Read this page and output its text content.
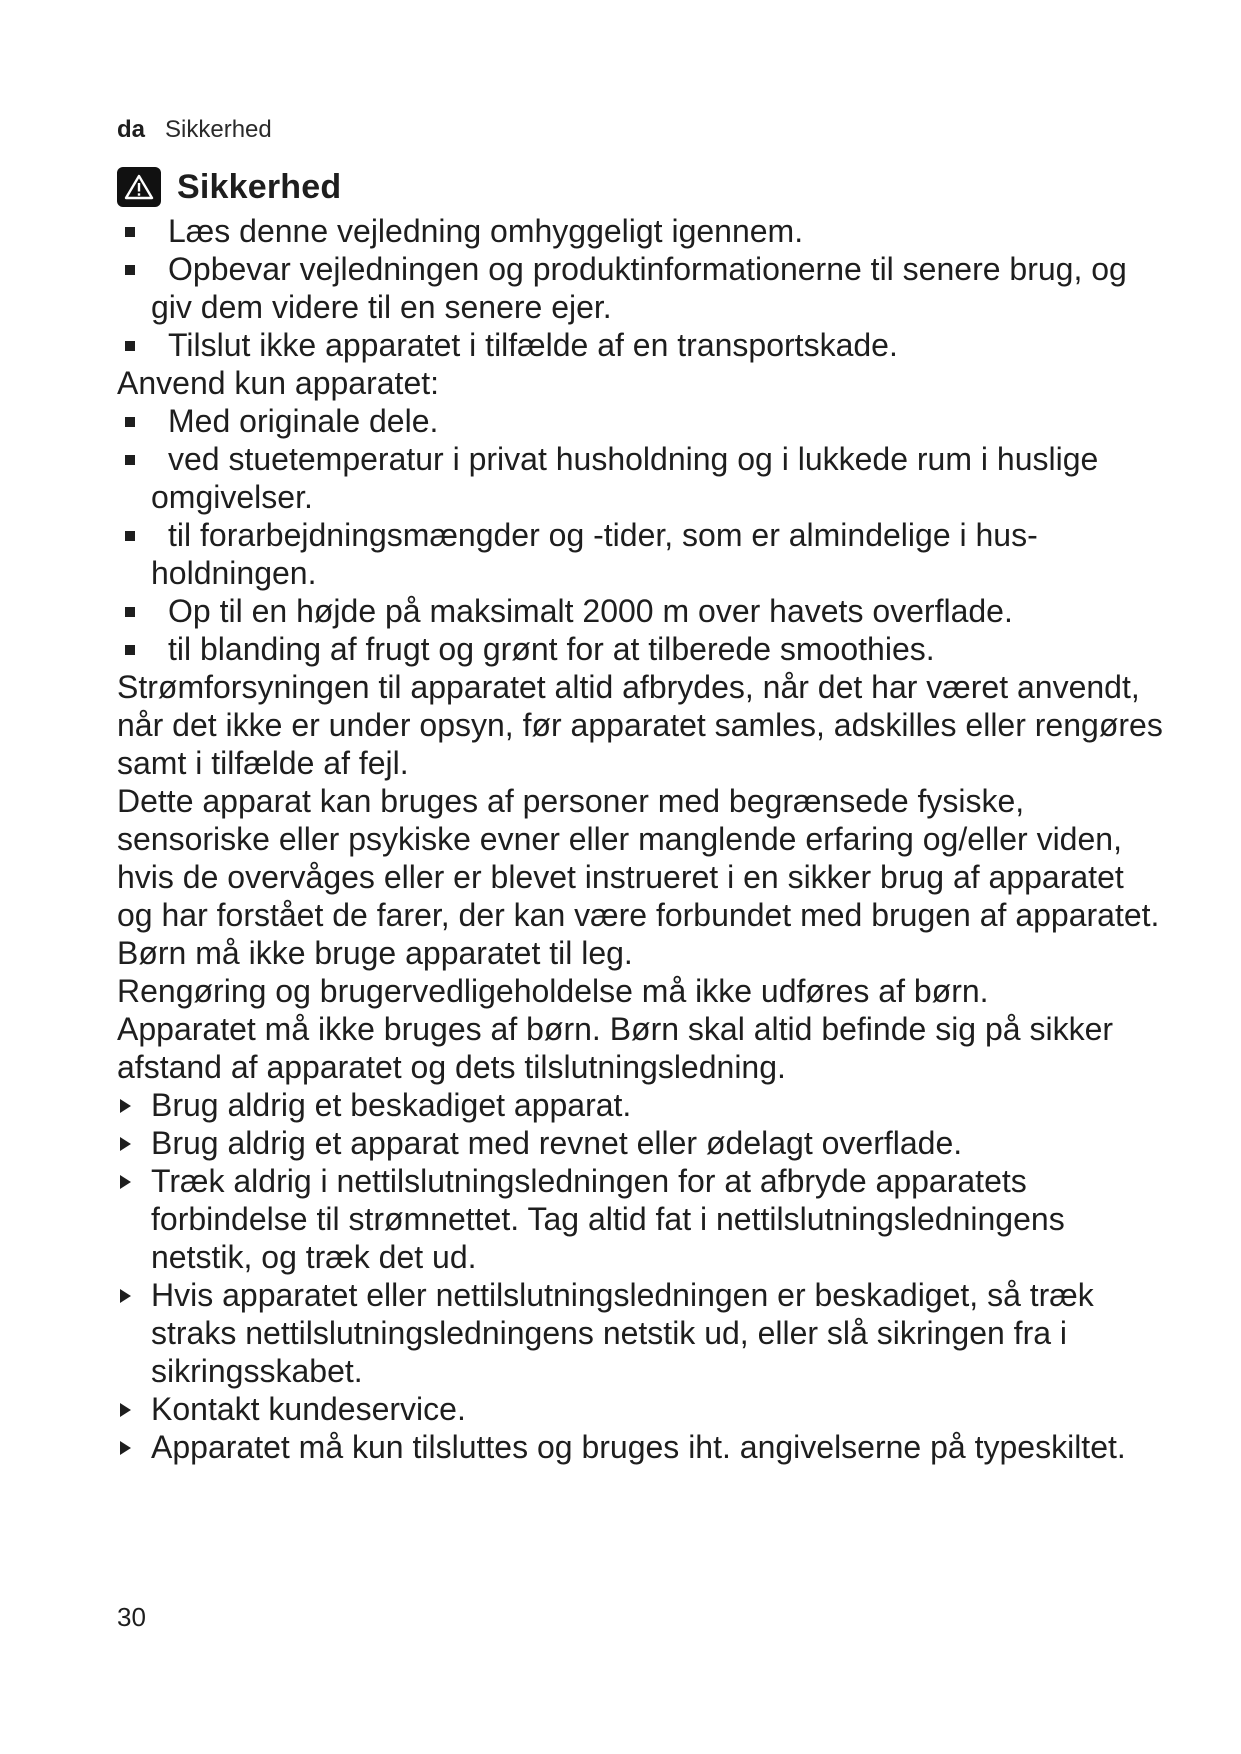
da Sikkerhed
Sikkerhed
Læs denne vejledning omhyggeligt igennem.
Opbevar vejledningen og produktinformationerne til senere brug, og giv dem videre til en senere ejer.
Tilslut ikke apparatet i tilfælde af en transportskade.

Anvend kun apparatet:

Med originale dele.
ved stuetemperatur i privat husholdning og i lukkede rum i huslige omgivelser.
til forarbejdningsmængder og -tider, som er almindelige i husholdningen.
Op til en højde på maksimalt 2000 m over havets overflade.
til blanding af frugt og grønt for at tilberede smoothies.

Strømforsyningen til apparatet altid afbrydes, når det har været anvendt, når det ikke er under opsyn, før apparatet samles, adskilles eller rengøres samt i tilfælde af fejl.

Dette apparat kan bruges af personer med begrænsede fysiske, sensoriske eller psykiske evner eller manglende erfaring og/eller viden, hvis de overvåges eller er blevet instrueret i en sikker brug af apparatet og har forstået de farer, der kan være forbundet med brugen af apparatet.

Børn må ikke bruge apparatet til leg.

Rengøring og brugervedligeholdelse må ikke udføres af børn.

Apparatet må ikke bruges af børn. Børn skal altid befinde sig på sikker afstand af apparatet og dets tilslutningsledning.

Brug aldrig et beskadiget apparat.
Brug aldrig et apparat med revnet eller ødelagt overflade.
Træk aldrig i nettilslutningsledningen for at afbryde apparatets forbindelse til strømnettet. Tag altid fat i nettilslutningsledningens netstik, og træk det ud.
Hvis apparatet eller nettilslutningsledningen er beskadiget, så træk straks nettilslutningsledningens netstik ud, eller slå sikringen fra i sikringsskabet.
Kontakt kundeservice.
Apparatet må kun tilsluttes og bruges iht. angivelserne på typeskiltet.
30
